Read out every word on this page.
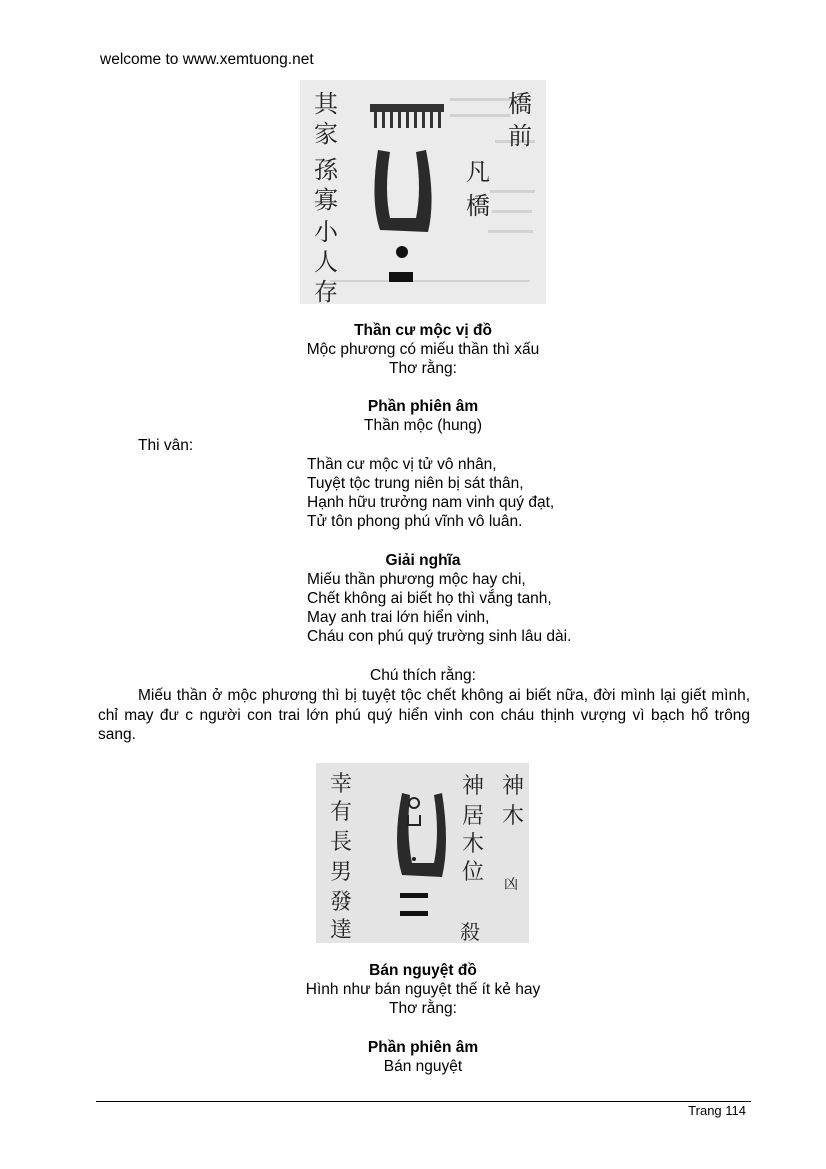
welcome to www.xemtuong.net
其
家
孫
寡
小
人
存
橋
前
凡
橋
Thần cư mộc vị đồ
Mộc phương có miếu thần thì xấu
Thơ rằng:
Phần phiên âm
Thần mộc (hung)
Thi vân:
Thần cư mộc vị tử vô nhân,
Tuyệt tộc trung niên bị sát thân,
Hạnh hữu trưởng nam vinh quý đạt,
Tử tôn phong phú vĩnh vô luân.
Giải nghĩa
Miếu thần phương mộc hay chi,
Chết không ai biết họ thì vắng tanh,
May anh trai lớn hiển vinh,
Cháu con phú quý trường sinh lâu dài.
Chú thích rằng:
Miếu thần ở mộc phương thì bị tuyệt tộc chết không ai biết nữa, đời mình lại giết mình, chỉ may đư c người con trai lớn phú quý hiển vinh con cháu thịnh vượng vì bạch hổ trông sang.
幸
有
長
男
發
達
神
居
木
位
神
木
凶
殺
Bán nguyệt đồ
Hình như bán nguyệt thế ít kẻ hay
Thơ rằng:
Phần phiên âm
Bán nguyệt
Trang 114
